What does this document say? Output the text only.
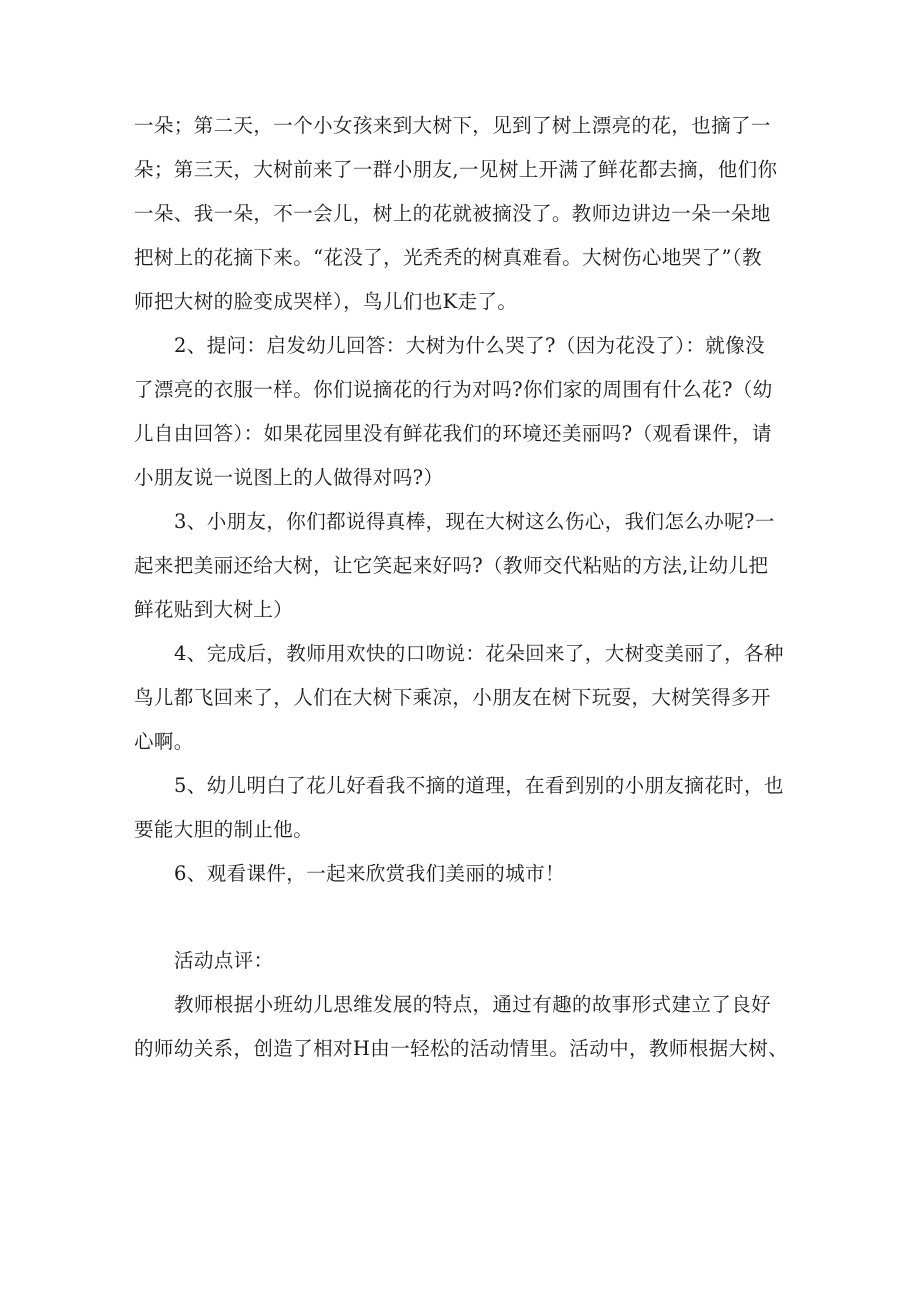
一朵；第二天，一个小女孩来到大树下，见到了树上漂亮的花，也摘了一
朵；第三天，大树前来了一群小朋友,一见树上开满了鲜花都去摘，他们你
一朵、我一朵，不一会儿，树上的花就被摘没了。教师边讲边一朵一朵地
把树上的花摘下来。“花没了，光秃秃的树真难看。大树伤心地哭了”（教
师把大树的脸变成哭样），鸟儿们也K走了。
2、提问：启发幼儿回答：大树为什么哭了?（因为花没了）：就像没
了漂亮的衣服一样。你们说摘花的行为对吗?你们家的周围有什么花?（幼
儿自由回答）：如果花园里没有鲜花我们的环境还美丽吗?（观看课件，请
小朋友说一说图上的人做得对吗?）
3、小朋友，你们都说得真棒，现在大树这么伤心，我们怎么办呢?一
起来把美丽还给大树，让它笑起来好吗?（教师交代粘贴的方法,让幼儿把
鲜花贴到大树上）
4、完成后，教师用欢快的口吻说：花朵回来了，大树变美丽了，各种
鸟儿都飞回来了，人们在大树下乘凉，小朋友在树下玩耍，大树笑得多开
心啊。
5、幼儿明白了花儿好看我不摘的道理，在看到别的小朋友摘花时，也
要能大胆的制止他。
6、观看课件，一起来欣赏我们美丽的城市！
活动点评：
教师根据小班幼儿思维发展的特点，通过有趣的故事形式建立了良好
的师幼关系，创造了相对H由一轻松的活动情里。活动中，教师根据大树、
